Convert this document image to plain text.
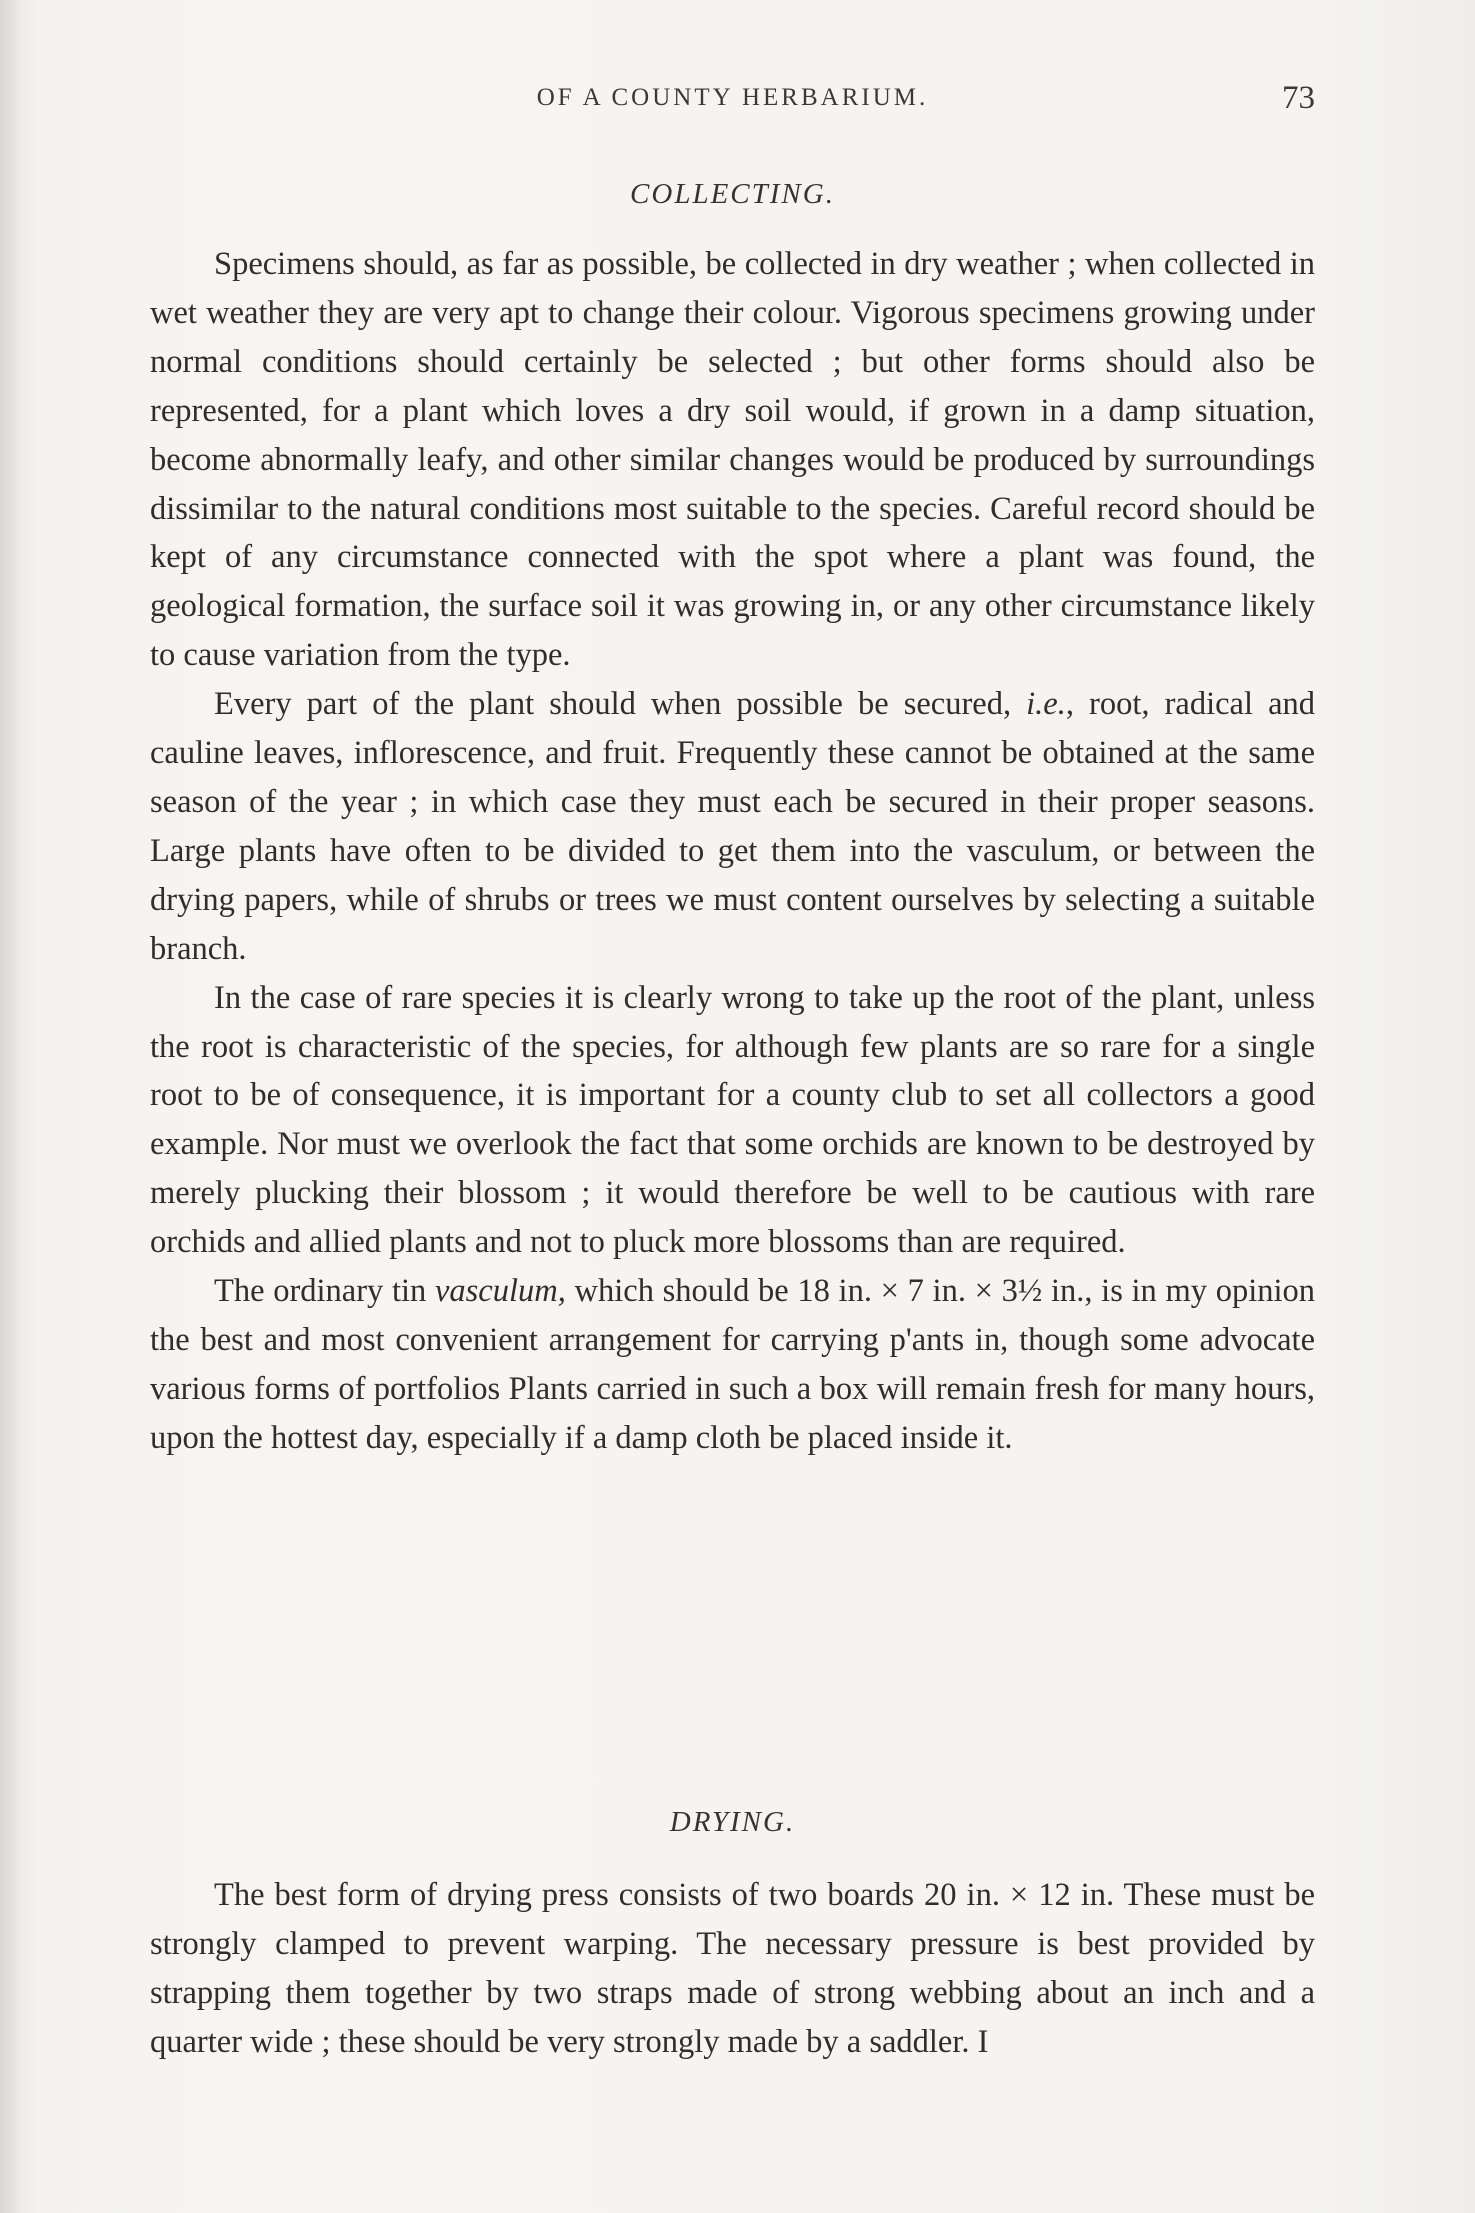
OF A COUNTY HERBARIUM.	73
COLLECTING.

Specimens should, as far as possible, be collected in dry weather ; when collected in wet weather they are very apt to change their colour. Vigorous specimens growing under normal conditions should certainly be selected ; but other forms should also be represented, for a plant which loves a dry soil would, if grown in a damp situation, become abnormally leafy, and other similar changes would be produced by surroundings dissimilar to the natural conditions most suitable to the species. Careful record should be kept of any circumstance connected with the spot where a plant was found, the geological formation, the surface soil it was growing in, or any other circumstance likely to cause variation from the type.

Every part of the plant should when possible be secured, i.e., root, radical and cauline leaves, inflorescence, and fruit. Frequently these cannot be obtained at the same season of the year ; in which case they must each be secured in their proper seasons. Large plants have often to be divided to get them into the vasculum, or between the drying papers, while of shrubs or trees we must content ourselves by selecting a suitable branch.

In the case of rare species it is clearly wrong to take up the root of the plant, unless the root is characteristic of the species, for although few plants are so rare for a single root to be of consequence, it is important for a county club to set all collectors a good example. Nor must we overlook the fact that some orchids are known to be destroyed by merely plucking their blossom ; it would therefore be well to be cautious with rare orchids and allied plants and not to pluck more blossoms than are required.

The ordinary tin vasculum, which should be 18 in. × 7 in. × 3½ in., is in my opinion the best and most convenient arrangement for carrying p'ants in, though some advocate various forms of portfolios Plants carried in such a box will remain fresh for many hours, upon the hottest day, especially if a damp cloth be placed inside it.

DRYING.

The best form of drying press consists of two boards 20 in. × 12 in. These must be strongly clamped to prevent warping. The necessary pressure is best provided by strapping them together by two straps made of strong webbing about an inch and a quarter wide ; these should be very strongly made by a saddler. I
